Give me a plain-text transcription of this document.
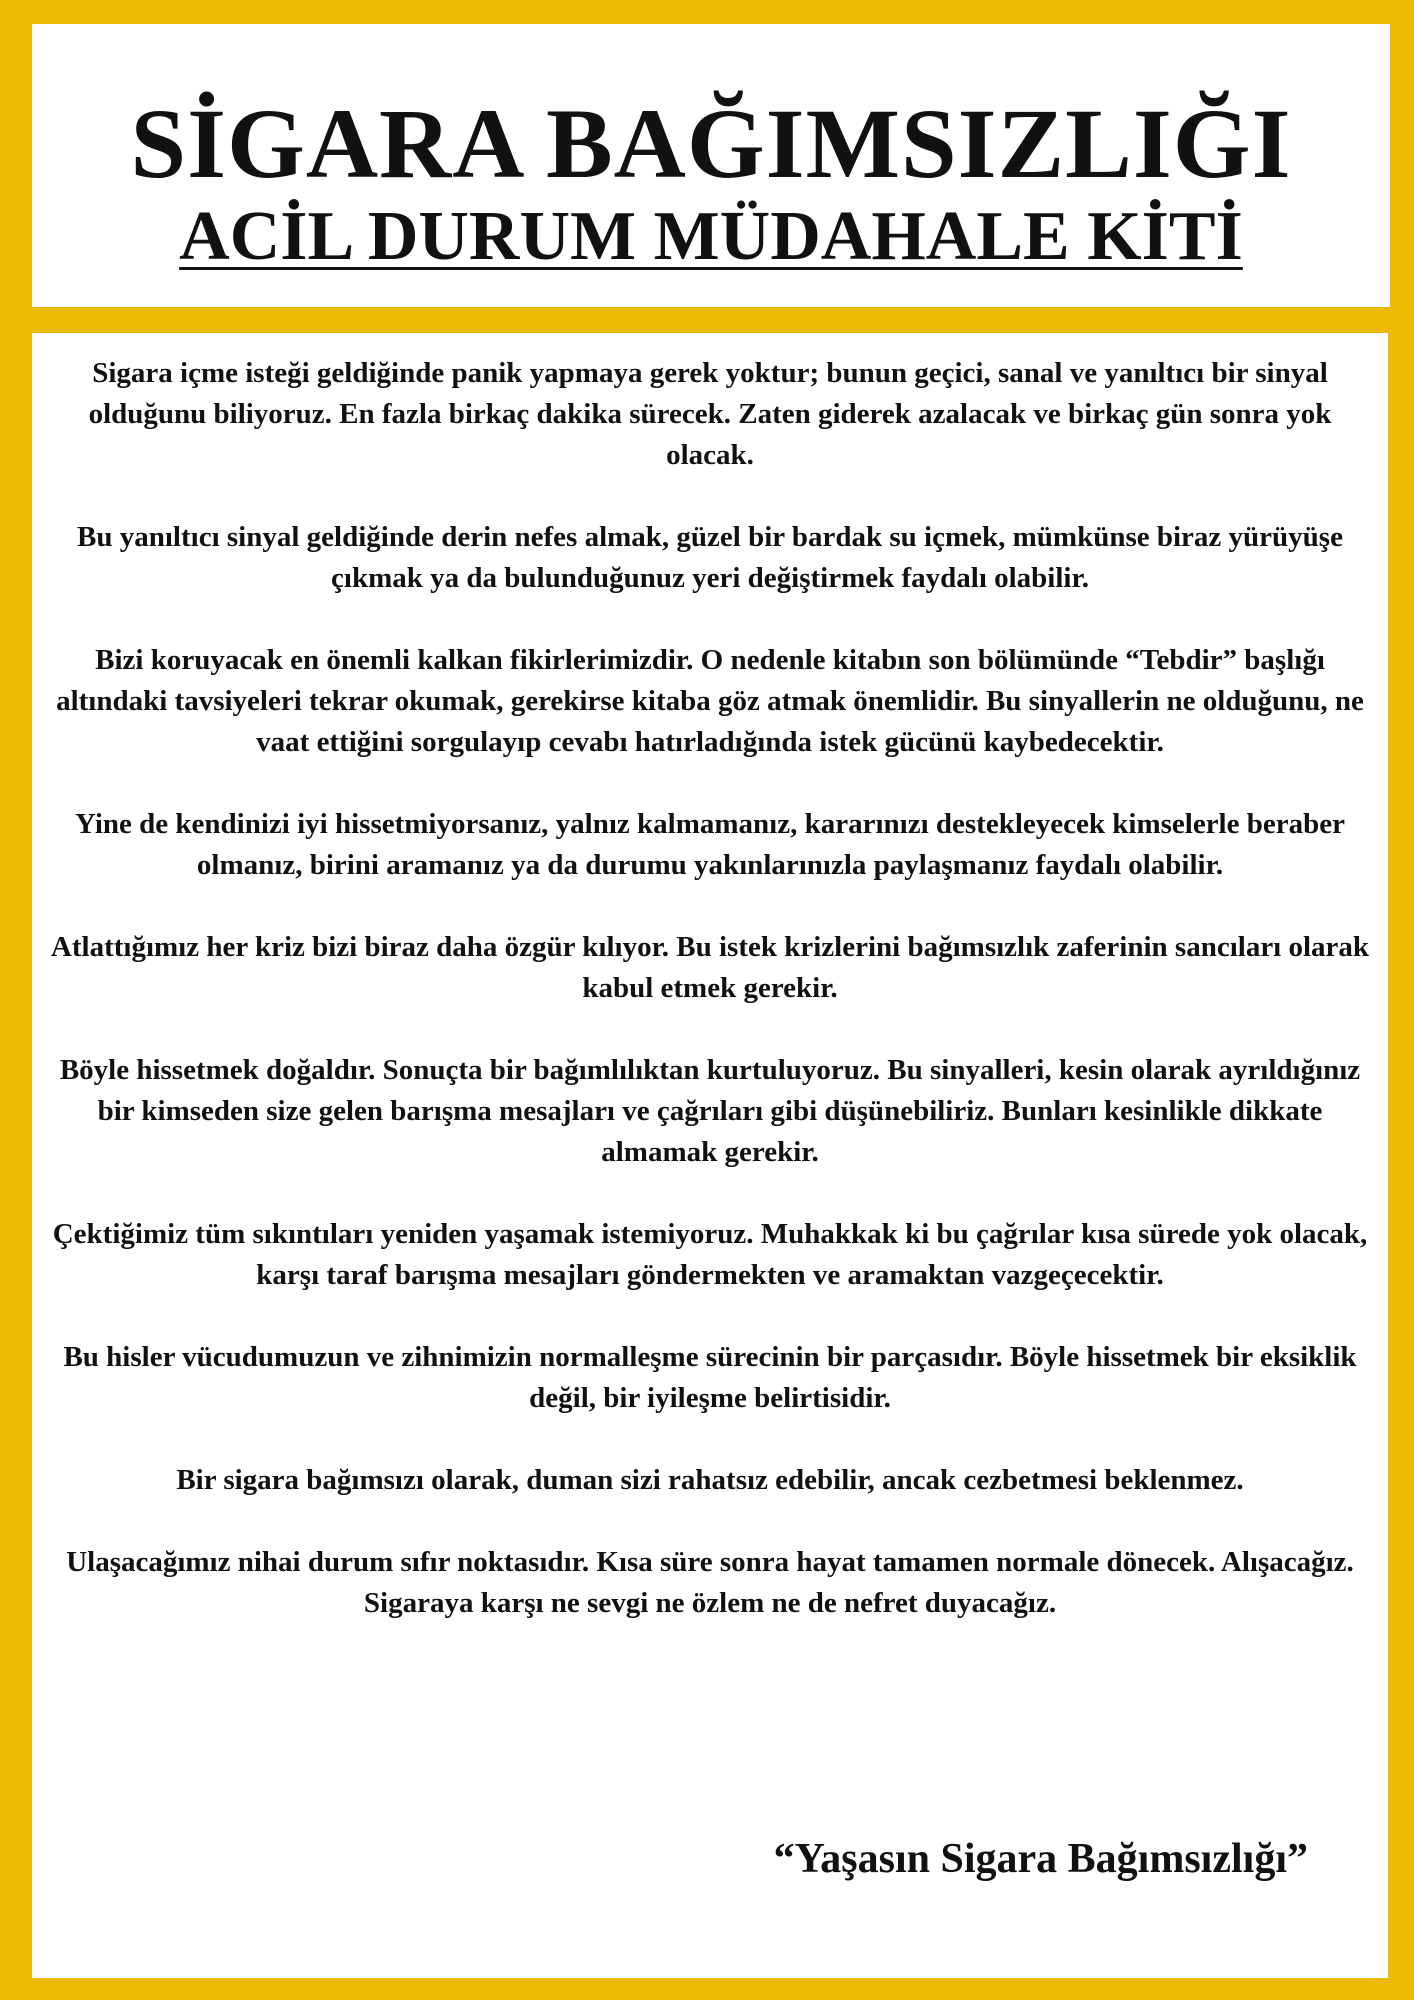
SİGARA BAĞIMSIZLIĞI
ACİL DURUM MÜDAHALE KİTİ

Sigara içme isteği geldiğinde panik yapmaya gerek yoktur; bunun geçici, sanal ve yanıltıcı bir sinyal olduğunu biliyoruz. En fazla birkaç dakika sürecek. Zaten giderek azalacak ve birkaç gün sonra yok olacak.

Bu yanıltıcı sinyal geldiğinde derin nefes almak, güzel bir bardak su içmek, mümkünse biraz yürüyüşe çıkmak ya da bulunduğunuz yeri değiştirmek faydalı olabilir.

Bizi koruyacak en önemli kalkan fikirlerimizdir. O nedenle kitabın son bölümünde “Tebdir” başlığı altındaki tavsiyeleri tekrar okumak, gerekirse kitaba göz atmak önemlidir. Bu sinyallerin ne olduğunu, ne vaat ettiğini sorgulayıp cevabı hatırladığında istek gücünü kaybedecektir.

Yine de kendinizi iyi hissetmiyorsanız, yalnız kalmamanız, kararınızı destekleyecek kimselerle beraber olmanız, birini aramanız ya da durumu yakınlarınızla paylaşmanız faydalı olabilir.

Atlattığımız her kriz bizi biraz daha özgür kılıyor. Bu istek krizlerini bağımsızlık zaferinin sancıları olarak kabul etmek gerekir.

Böyle hissetmek doğaldır. Sonuçta bir bağımlılıktan kurtuluyoruz. Bu sinyalleri, kesin olarak ayrıldığınız bir kimseden size gelen barışma mesajları ve çağrıları gibi düşünebiliriz. Bunları kesinlikle dikkate almamak gerekir.

Çektiğimiz tüm sıkıntıları yeniden yaşamak istemiyoruz. Muhakkak ki bu çağrılar kısa sürede yok olacak, karşı taraf barışma mesajları göndermekten ve aramaktan vazgeçecektir.

Bu hisler vücudumuzun ve zihnimizin normalleşme sürecinin bir parçasıdır. Böyle hissetmek bir eksiklik değil, bir iyileşme belirtisidir.

Bir sigara bağımsızı olarak, duman sizi rahatsız edebilir, ancak cezbetmesi beklenmez.

Ulaşacağımız nihai durum sıfır noktasıdır. Kısa süre sonra hayat tamamen normale dönecek. Alışacağız. Sigaraya karşı ne sevgi ne özlem ne de nefret duyacağız.

“Yaşasın Sigara Bağımsızlığı”
